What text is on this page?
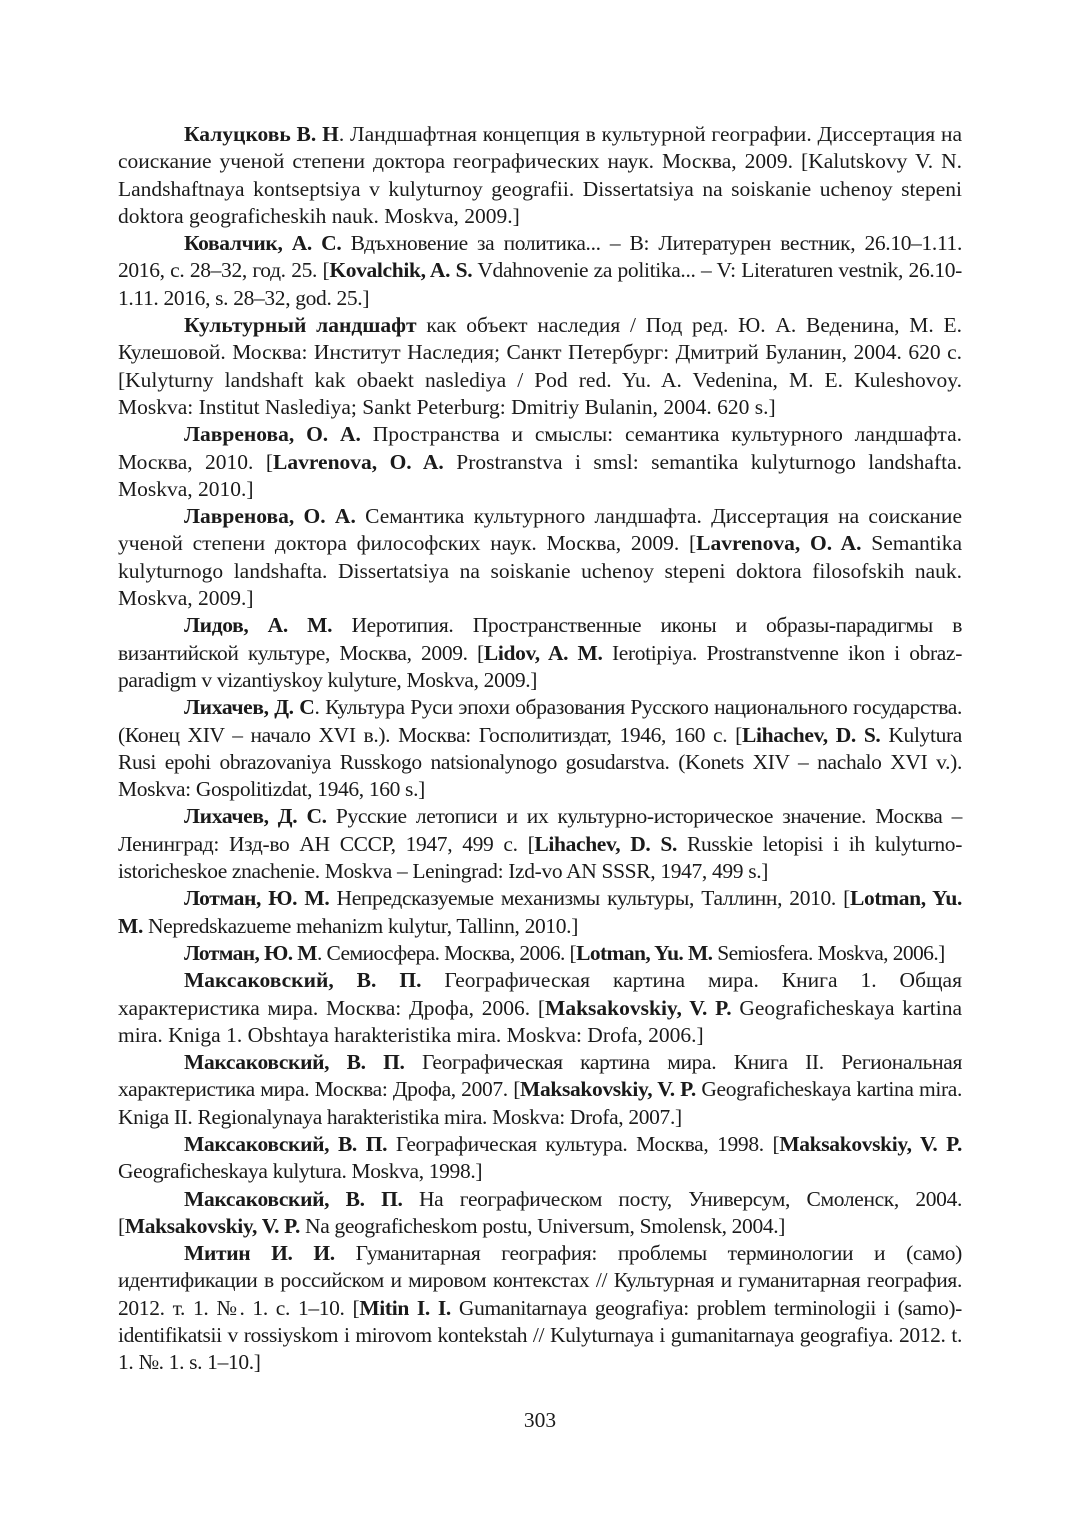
Калуцковь В. Н. Ландшафтная концепция в культурной географии. Диссертация на соискание ученой степени доктора географических наук. Москва, 2009. [Kalutskovy V. N. Landshaftnaya kontseptsiya v kulyturnoy geografii. Dissertatsiya na soiskanie uchenoy stepeni doktora geograficheskih nauk. Moskva, 2009.]

Ковалчик, А. С. Вдъхновение за политика... – В: Литературен вестник, 26.10–1.11. 2016, с. 28–32, год. 25. [Kovalchik, A. S. Vdahnovenie za politika... – V: Literaturen vestnik, 26.10-1.11. 2016, s. 28–32, god. 25.]

Культурный ландшафт как объект наследия / Под ред. Ю. А. Веденина, М. Е. Кулешовой. Москва: Институт Наследия; Санкт Петербург: Дмитрий Буланин, 2004. 620 с. [Kulyturny landshaft kak obaekt naslediya / Pod red. Yu. A. Vedenina, M. E. Kuleshovoy. Moskva: Institut Naslediya; Sankt Peterburg: Dmitriy Bulanin, 2004. 620 s.]

Лавренова, О. А. Пространства и смыслы: семантика культурного ландшафта. Москва, 2010. [Lavrenova, O. A. Prostranstva i smsl: semantika kulyturnogo landshafta. Moskva, 2010.]

Лавренова, О. А. Семантика культурного ландшафта. Диссертация на соискание ученой степени доктора философских наук. Москва, 2009. [Lavrenova, O. A. Semantika kulyturnogo landshafta. Dissertatsiya na soiskanie uchenoy stepeni doktora filosofskih nauk. Moskva, 2009.]

Лидов, А. М. Иеротипия. Пространственные иконы и образы-парадигмы в византийской культуре, Москва, 2009. [Lidov, A. M. Ierotipiya. Prostranstvenne ikon i obraz-paradigm v vizantiyskoy kulyture, Moskva, 2009.]

Лихачев, Д. С. Культура Руси эпохи образования Русского национального государства. (Конец XIV – начало XVI в.). Москва: Госполитиздат, 1946, 160 с. [Lihachev, D. S. Kulytura Rusi epohi obrazovaniya Russkogo natsionalynogo gosudarstva. (Konets XIV – nachalo XVI v.). Moskva: Gospolitizdat, 1946, 160 s.]

Лихачев, Д. С. Русские летописи и их культурно-историческое значение. Москва – Ленинград: Изд-во АН СССР, 1947, 499 с. [Lihachev, D. S. Russkie letopisi i ih kulyturno-istoricheskoe znachenie. Moskva – Leningrad: Izd-vo AN SSSR, 1947, 499 s.]

Лотман, Ю. М. Непредсказуемые механизмы культуры, Таллинн, 2010. [Lotman, Yu. M. Nepredskazueme mehanizm kulytur, Tallinn, 2010.]

Лотман, Ю. М. Семиосфера. Москва, 2006. [Lotman, Yu. M. Semiosfera. Moskva, 2006.]

Максаковский, В. П. Географическая картина мира. Книга 1. Общая характеристика мира. Москва: Дрофа, 2006. [Maksakovskiy, V. P. Geograficheskaya kartina mira. Kniga 1. Obshtaya harakteristika mira. Moskva: Drofa, 2006.]

Максаковский, В. П. Географическая картина мира. Книга II. Региональная характеристика мира. Москва: Дрофа, 2007. [Maksakovskiy, V. P. Geograficheskaya kartina mira. Kniga II. Regionalynaya harakteristika mira. Moskva: Drofa, 2007.]

Максаковский, В. П. Географическая культура. Москва, 1998. [Maksakovskiy, V. P. Geograficheskaya kulytura. Moskva, 1998.]

Максаковский, В. П. На географическом посту, Универсум, Смоленск, 2004. [Maksakovskiy, V. P. Na geograficheskom postu, Universum, Smolensk, 2004.]

Митин И. И. Гуманитарная география: проблемы терминологии и (само) идентификации в российском и мировом контекстах // Культурная и гуманитарная география. 2012. т. 1. №. 1. с. 1–10. [Mitin I. I. Gumanitarnaya geografiya: problem terminologii i (samo)-identifikatsii v rossiyskom i mirovom kontekstah // Kulyturnaya i gumanitarnaya geografiya. 2012. t. 1. №. 1. s. 1–10.]

303
